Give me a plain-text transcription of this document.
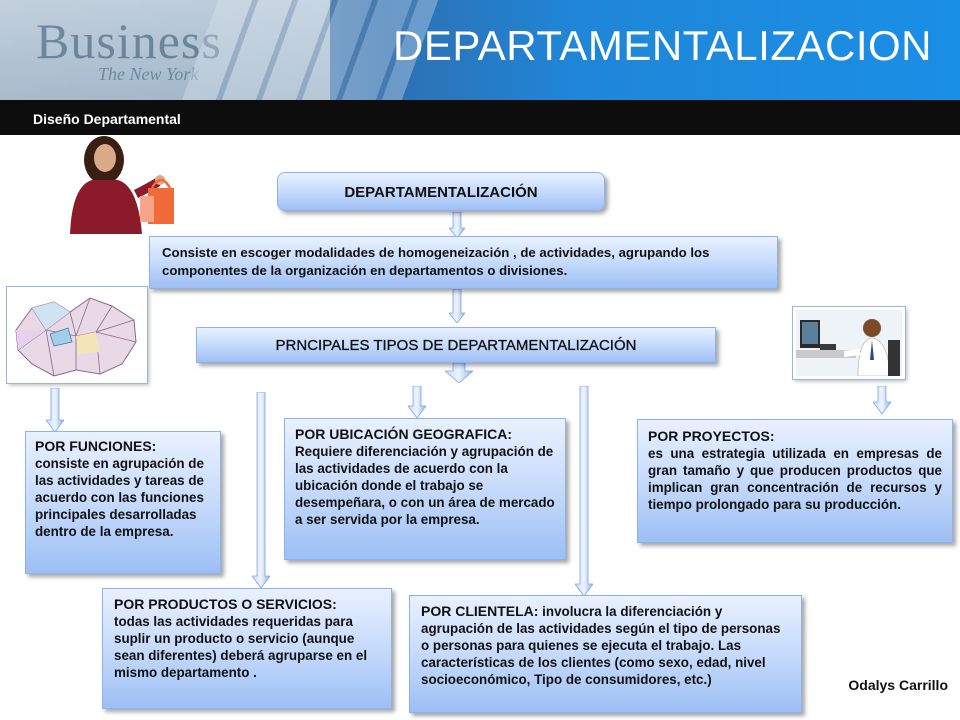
Business
The New York
DEPARTAMENTALIZACION
Diseño Departamental
DEPARTAMENTALIZACIÓN
Consiste en escoger modalidades de homogeneización , de actividades, agrupando los componentes de la organización en departamentos o divisiones.
PRNCIPALES TIPOS DE DEPARTAMENTALIZACIÓN
POR FUNCIONES:
consiste en agrupación de las actividades y tareas de acuerdo con las funciones principales desarrolladas dentro de la empresa.
POR UBICACIÓN GEOGRAFICA:
Requiere diferenciación y agrupación de las actividades de acuerdo con la ubicación donde el trabajo se desempeñara, o con un área de mercado a ser servida por la empresa.
POR PROYECTOS:
es una estrategia utilizada en empresas de gran tamaño y que producen productos que implican gran concentración de recursos y tiempo prolongado para su producción.
POR PRODUCTOS O SERVICIOS:
todas las actividades requeridas para suplir un producto o servicio (aunque sean diferentes) deberá agruparse en el mismo departamento .
POR CLIENTELA: involucra la diferenciación y agrupación de las actividades según el tipo de personas o personas para quienes se ejecuta el trabajo. Las características de los clientes (como sexo, edad, nivel socioeconómico, Tipo de consumidores, etc.)	Odalys Carrillo
